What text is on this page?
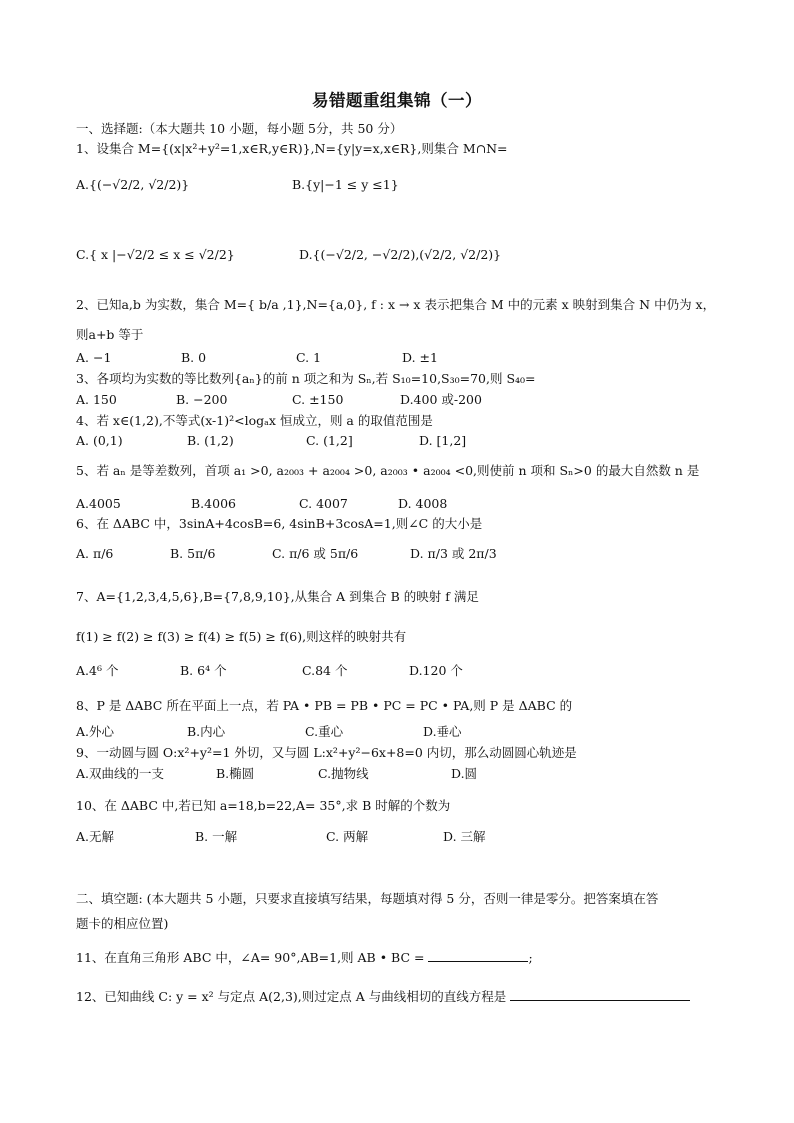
易错题重组集锦（一）
一、选择题:（本大题共 10 小题，每小题 5分，共 50 分）
1、设集合 M={(x|x²+y²=1,x∈R,y∈R)},N={y|y=x,x∈R},则集合 M∩N=
A.{(−√2/2, √2/2)}	B.{y|−1 ≤ y ≤1}
C.{ x |−√2/2 ≤ x ≤ √2/2}	D.{(−√2/2, −√2/2),(√2/2, √2/2)}
2、已知a,b 为实数，集合 M={ b/a ,1},N={a,0}, f : x → x 表示把集合 M 中的元素 x 映射到集合 N 中仍为 x，
则a+b 等于
A. −1	B. 0	C. 1	D. ±1
3、各项均为实数的等比数列{aₙ}的前 n 项之和为 Sₙ,若 S₁₀=10,S₃₀=70,则 S₄₀=
A. 150	B. −200	C. ±150	D.400 或-200
4、若 x∈(1,2),不等式(x-1)²<logₐx 恒成立，则 a 的取值范围是
A. (0,1)	B. (1,2)	C. (1,2]	D. [1,2]
5、若 aₙ 是等差数列，首项 a₁ >0, a₂₀₀₃ + a₂₀₀₄ >0, a₂₀₀₃ • a₂₀₀₄ <0,则使前 n 项和 Sₙ>0 的最大自然数 n 是
A.4005	B.4006	C. 4007	D. 4008
6、在 ΔABC 中，3sinA+4cosB=6, 4sinB+3cosA=1,则∠C 的大小是
A. π/6	B. 5π/6	C. π/6 或 5π/6	D. π/3 或 2π/3
7、A={1,2,3,4,5,6},B={7,8,9,10},从集合 A 到集合 B 的映射 f 满足
f(1) ≥ f(2) ≥ f(3) ≥ f(4) ≥ f(5) ≥ f(6),则这样的映射共有
A.4⁶ 个	B. 6⁴ 个	C.84 个	D.120 个
8、P 是 ΔABC 所在平面上一点，若 PA • PB = PB • PC = PC • PA,则 P 是 ΔABC 的
A.外心	B.内心	C.重心	D.垂心
9、一动圆与圆 O:x²+y²=1 外切，又与圆 L:x²+y²−6x+8=0 内切，那么动圆圆心轨迹是
A.双曲线的一支	B.椭圆	C.抛物线	D.圆
10、在 ΔABC 中,若已知 a=18,b=22,A= 35°,求 B 时解的个数为
A.无解	B. 一解	C. 两解	D. 三解
二、填空题: (本大题共 5 小题，只要求直接填写结果，每题填对得 5 分，否则一律是零分。把答案填在答
题卡的相应位置)
11、在直角三角形 ABC 中，∠A= 90°,AB=1,则 AB • BC =	;
12、已知曲线 C: y = x² 与定点 A(2,3),则过定点 A 与曲线相切的直线方程是
